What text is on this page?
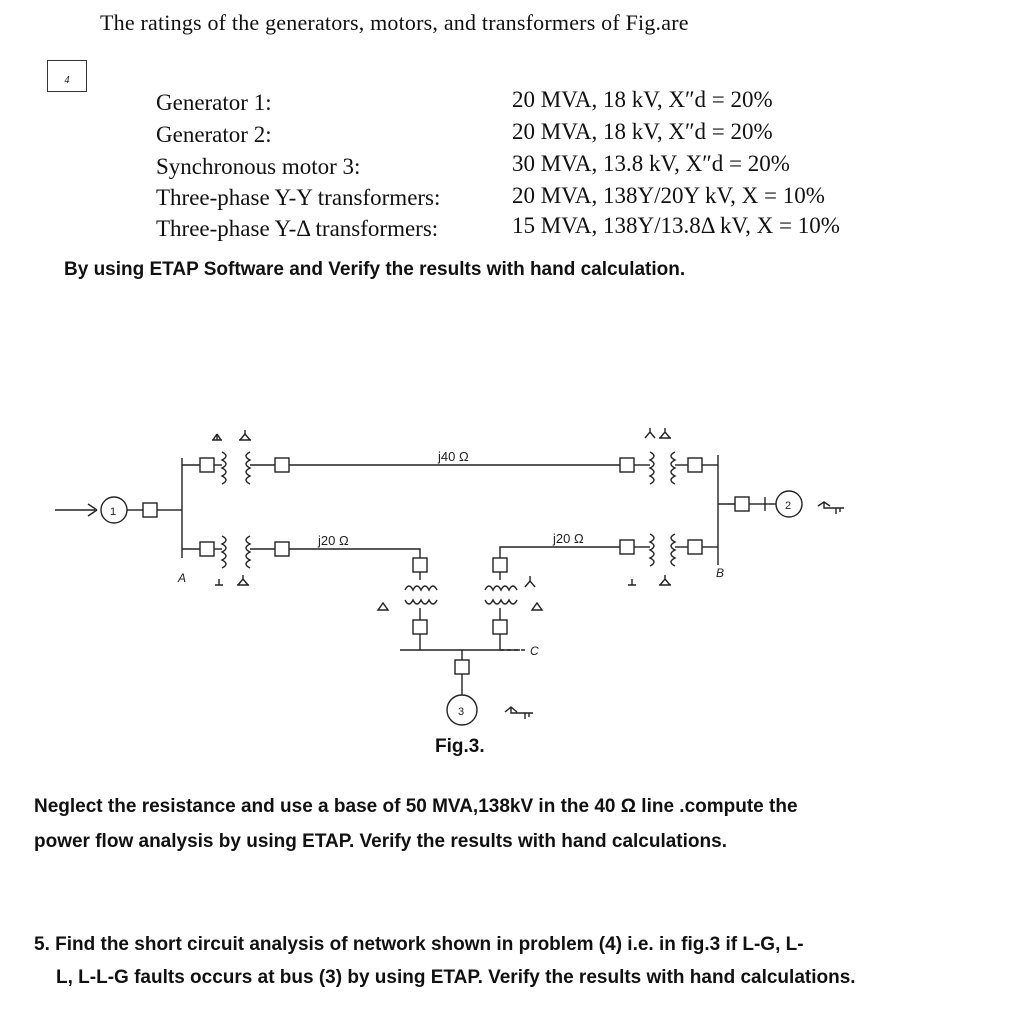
The ratings of the generators, motors, and transformers of Fig.are
4
Generator 1:	20 MVA, 18 kV, X″d = 20%
Generator 2:	20 MVA, 18 kV, X″d = 20%
Synchronous motor 3:	30 MVA, 13.8 kV, X″d = 20%
Three-phase Y-Y transformers:	20 MVA, 138Y/20Y kV, X = 10%
Three-phase Y-Δ transformers:	15 MVA, 138Y/13.8Δ kV, X = 10%
By using ETAP Software and Verify the results with hand calculation.
j40 Ω
j20 Ω	j20 Ω
1	2
3
A	B
C
Fig.3.
Neglect the resistance and use a base of 50 MVA,138kV in the 40 Ω line .compute the
power flow analysis by using ETAP. Verify the results with hand calculations.
5. Find the short circuit analysis of network shown in problem (4) i.e. in fig.3 if L-G, L-
L, L-L-G faults occurs at bus (3) by using ETAP. Verify the results with hand calculations.
